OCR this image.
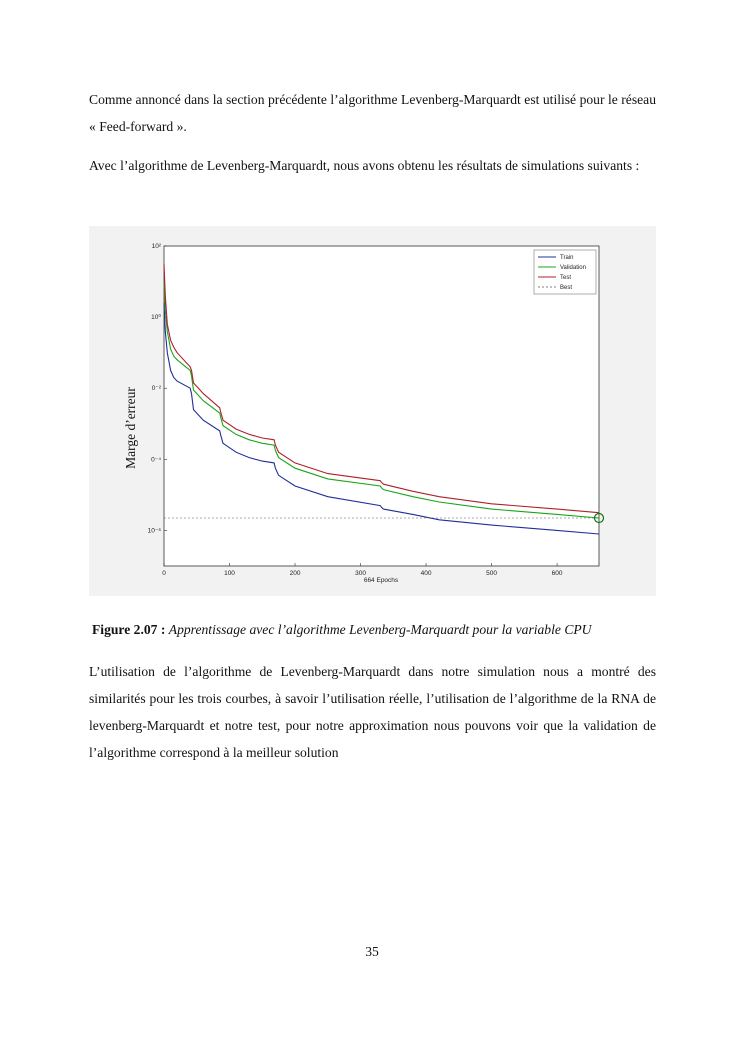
Comme annoncé dans la section précédente l’algorithme Levenberg-Marquardt est utilisé pour le réseau « Feed-forward ».

Avec l’algorithme de Levenberg-Marquardt, nous avons obtenu les résultats de simulations suivants :

0	100	200	300	400	500	600
10²
10⁰
0⁻²
0⁻⁴
10⁻⁶
664 Epochs
Train
Validation
Test
Best
Marge d’erreur
Figure 2.07 : Apprentissage avec l’algorithme Levenberg-Marquardt pour la variable CPU

L’utilisation de l’algorithme de Levenberg-Marquardt dans notre simulation nous a montré des similarités pour les trois courbes, à savoir l’utilisation réelle, l’utilisation de l’algorithme de la RNA de levenberg-Marquardt et notre test, pour notre approximation nous pouvons voir que la validation de l’algorithme correspond à la meilleur solution

35
